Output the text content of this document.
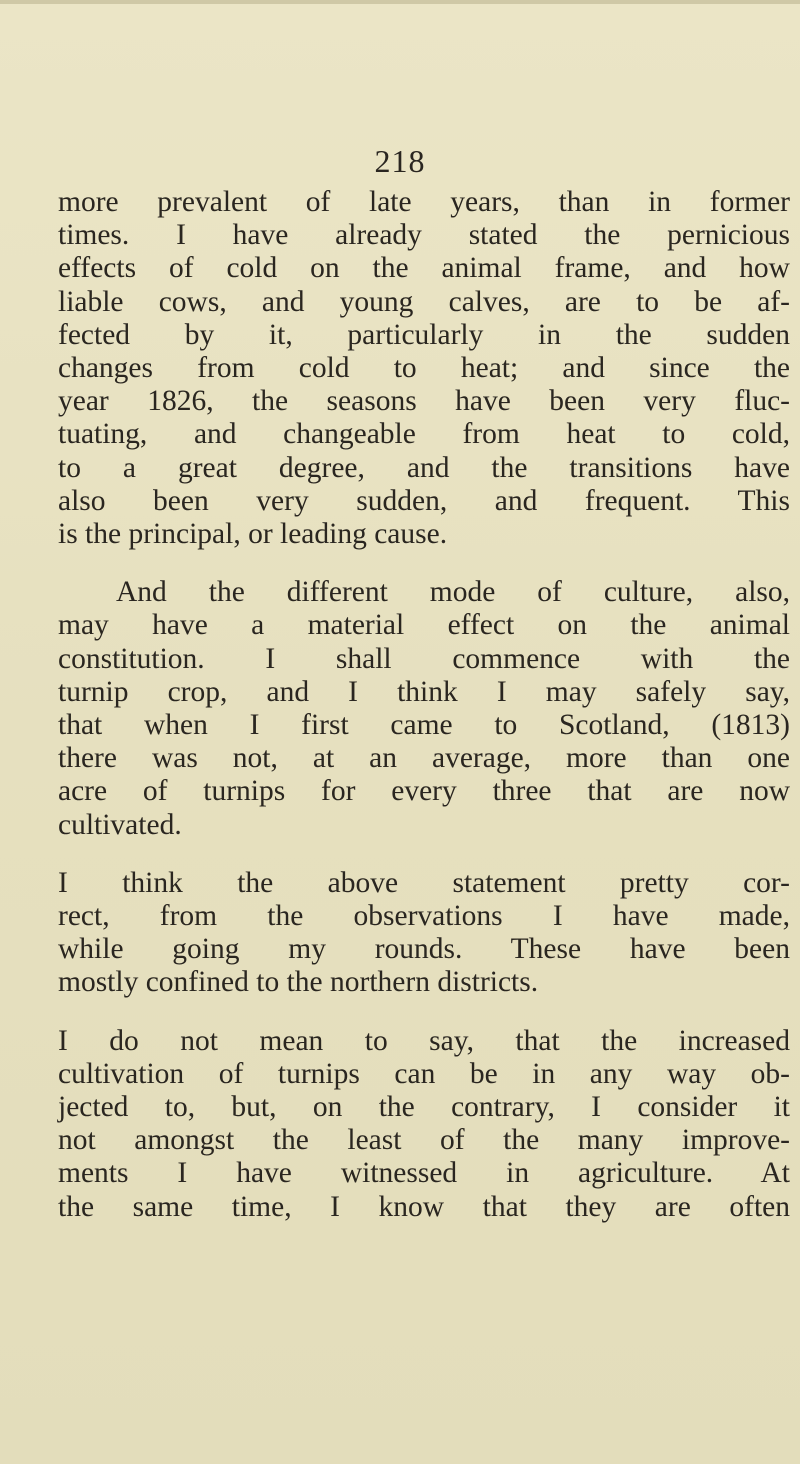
218
more prevalent of late years, than in former
times. I have already stated the pernicious
effects of cold on the animal frame, and how
liable cows, and young calves, are to be af-
fected by it, particularly in the sudden
changes from cold to heat; and since the
year 1826, the seasons have been very fluc-
tuating, and changeable from heat to cold,
to a great degree, and the transitions have
also been very sudden, and frequent. This
is the principal, or leading cause.
And the different mode of culture, also,
may have a material effect on the animal
constitution. I shall commence with the
turnip crop, and I think I may safely say,
that when I first came to Scotland, (1813)
there was not, at an average, more than one
acre of turnips for every three that are now
cultivated.
I think the above statement pretty cor-
rect, from the observations I have made,
while going my rounds. These have been
mostly confined to the northern districts.
I do not mean to say, that the increased
cultivation of turnips can be in any way ob-
jected to, but, on the contrary, I consider it
not amongst the least of the many improve-
ments I have witnessed in agriculture. At
the same time, I know that they are often
